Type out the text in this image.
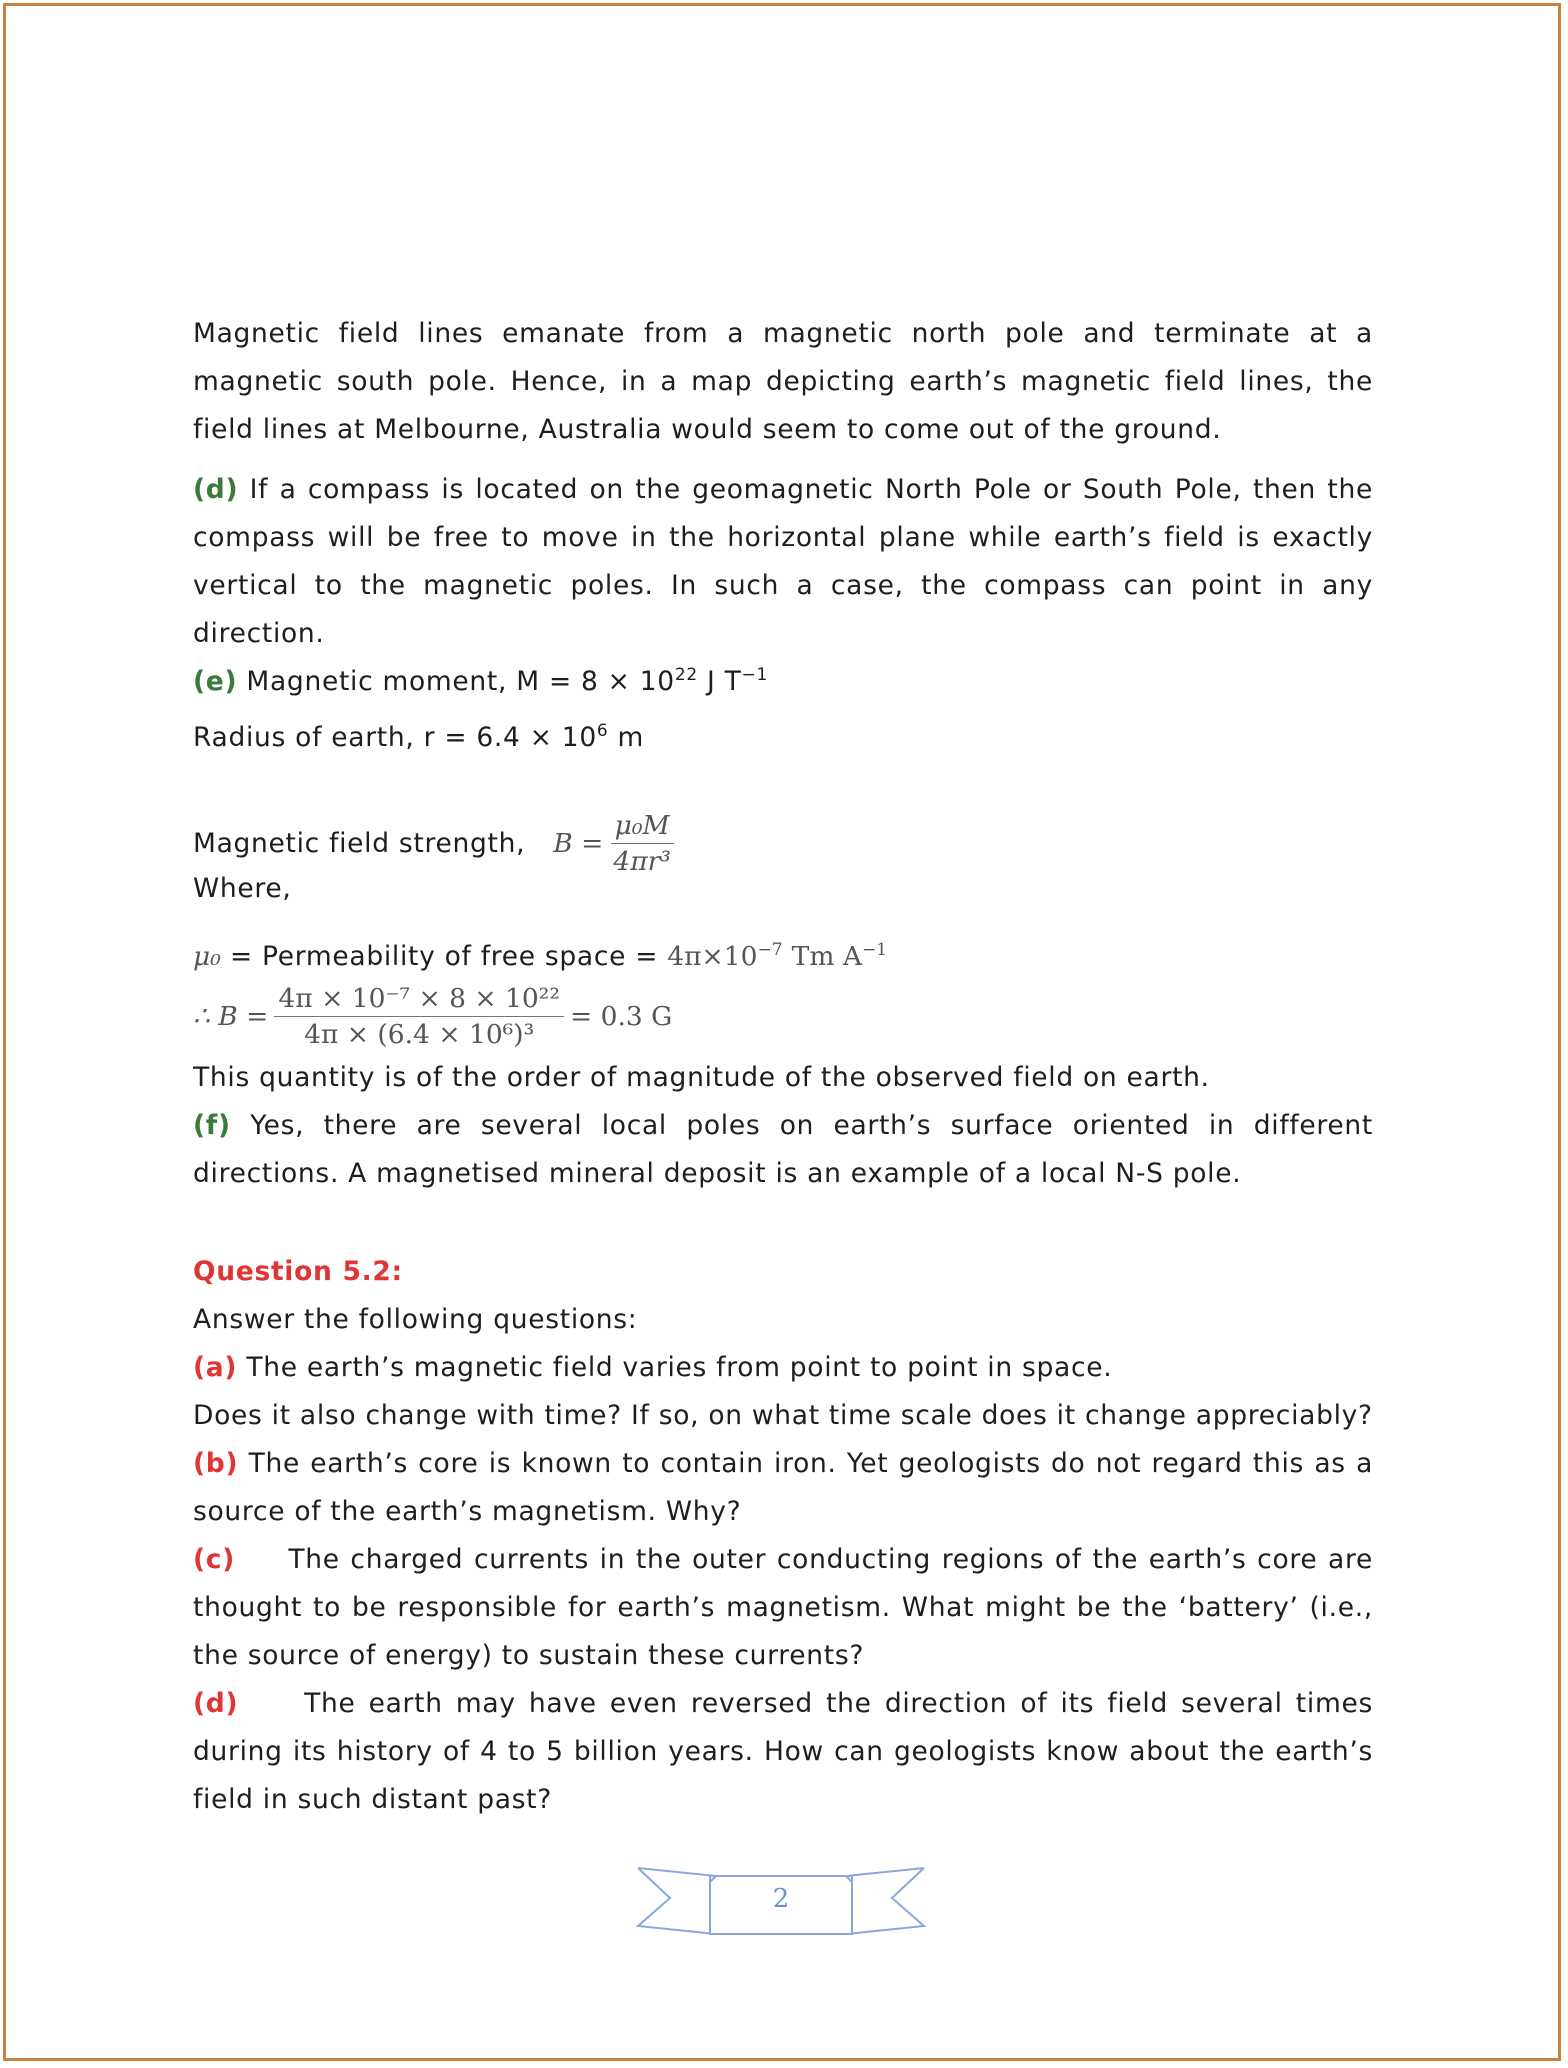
Magnetic field lines emanate from a magnetic north pole and terminate at a magnetic south pole. Hence, in a map depicting earth’s magnetic field lines, the field lines at Melbourne, Australia would seem to come out of the ground.

(d) If a compass is located on the geomagnetic North Pole or South Pole, then the compass will be free to move in the horizontal plane while earth’s field is exactly vertical to the magnetic poles. In such a case, the compass can point in any direction.

(e) Magnetic moment, $M = 8 \times 10^{22}$ J $T^{-1}$

Radius of earth, $r = 6.4 \times 10^6$ m

Magnetic field strength, $B = \frac{\text{μ₀M}}{\text{4πr³}}$

Where,

μ₀ = Permeability of free space = $4\pi\times 10^{-7}$ Tm $A^{-1}$

∴ $B = \frac{\text{4π × 10⁻⁷ × 8 × 10²²}}{\text{4π × (6.4 × 10⁶)³}} = 0.3$ G

This quantity is of the order of magnitude of the observed field on earth.

(f) Yes, there are several local poles on earth’s surface oriented in different directions. A magnetised mineral deposit is an example of a local N-S pole.

Question 5.2:

Answer the following questions:

(a) The earth’s magnetic field varies from point to point in space.

Does it also change with time? If so, on what time scale does it change appreciably?

(b) The earth’s core is known to contain iron. Yet geologists do not regard this as a source of the earth’s magnetism. Why?

(c) The charged currents in the outer conducting regions of the earth’s core are thought to be responsible for earth’s magnetism. What might be the ‘battery’ (i.e., the source of energy) to sustain these currents?

(d) The earth may have even reversed the direction of its field several times during its history of 4 to 5 billion years. How can geologists know about the earth’s field in such distant past?

2
